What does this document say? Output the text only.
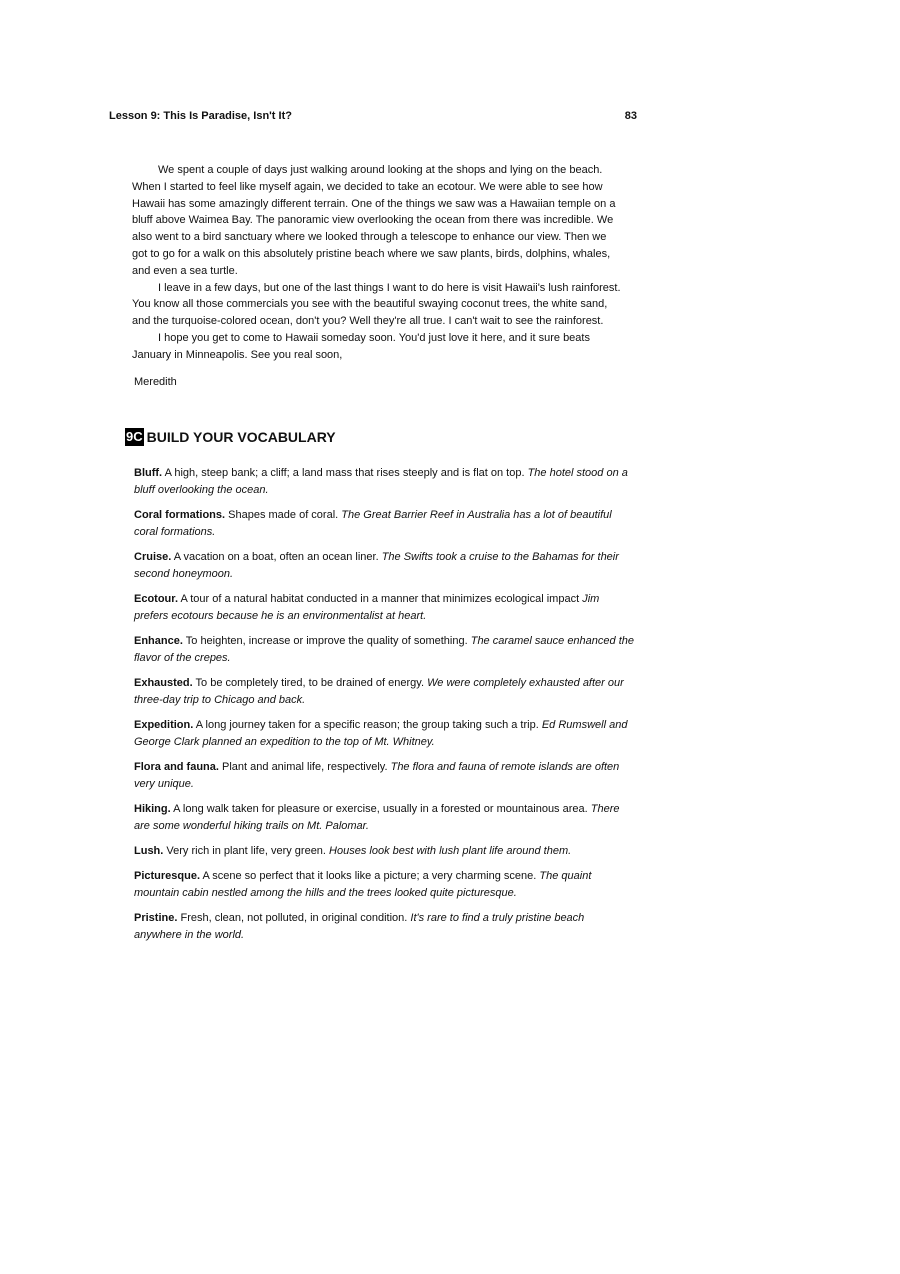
Lesson 9: This Is Paradise, Isn't It?	83

We spent a couple of days just walking around looking at the shops and lying on the beach. When I started to feel like myself again, we decided to take an ecotour. We were able to see how Hawaii has some amazingly different terrain. One of the things we saw was a Hawaiian temple on a bluff above Waimea Bay. The panoramic view overlooking the ocean from there was incredible. We also went to a bird sanctuary where we looked through a telescope to enhance our view. Then we got to go for a walk on this absolutely pristine beach where we saw plants, birds, dolphins, whales, and even a sea turtle.

I leave in a few days, but one of the last things I want to do here is visit Hawaii's lush rainforest. You know all those commercials you see with the beautiful swaying coconut trees, the white sand, and the turquoise-colored ocean, don't you? Well they're all true. I can't wait to see the rainforest.

I hope you get to come to Hawaii someday soon. You'd just love it here, and it sure beats January in Minneapolis. See you real soon,

Meredith

9C BUILD YOUR VOCABULARY

Bluff. A high, steep bank; a cliff; a land mass that rises steeply and is flat on top. The hotel stood on a bluff overlooking the ocean.

Coral formations. Shapes made of coral. The Great Barrier Reef in Australia has a lot of beautiful coral formations.

Cruise. A vacation on a boat, often an ocean liner. The Swifts took a cruise to the Bahamas for their second honeymoon.

Ecotour. A tour of a natural habitat conducted in a manner that minimizes ecological impact Jim prefers ecotours because he is an environmentalist at heart.

Enhance. To heighten, increase or improve the quality of something. The caramel sauce enhanced the flavor of the crepes.

Exhausted. To be completely tired, to be drained of energy. We were completely exhausted after our three-day trip to Chicago and back.

Expedition. A long journey taken for a specific reason; the group taking such a trip. Ed Rumswell and George Clark planned an expedition to the top of Mt. Whitney.

Flora and fauna. Plant and animal life, respectively. The flora and fauna of remote islands are often very unique.

Hiking. A long walk taken for pleasure or exercise, usually in a forested or mountainous area. There are some wonderful hiking trails on Mt. Palomar.

Lush. Very rich in plant life, very green. Houses look best with lush plant life around them.

Picturesque. A scene so perfect that it looks like a picture; a very charming scene. The quaint mountain cabin nestled among the hills and the trees looked quite picturesque.

Pristine. Fresh, clean, not polluted, in original condition. It's rare to find a truly pristine beach anywhere in the world.
